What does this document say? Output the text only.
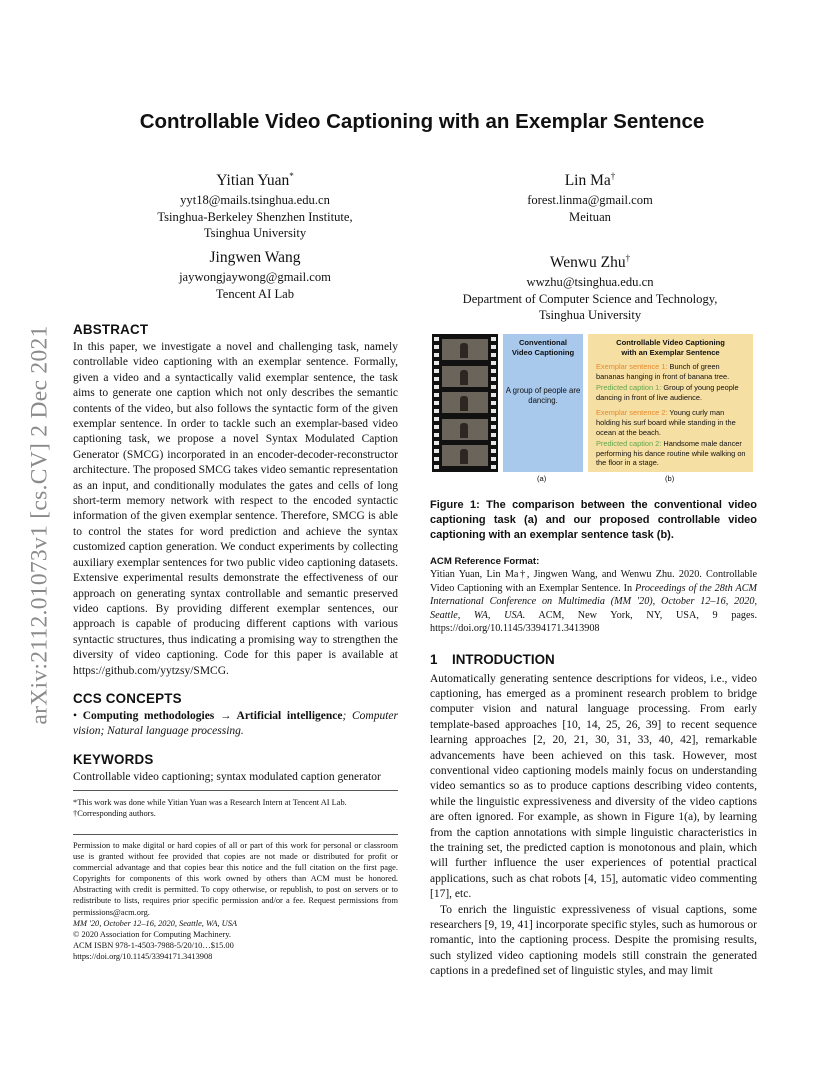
arXiv:2112.01073v1 [cs.CV] 2 Dec 2021
Controllable Video Captioning with an Exemplar Sentence
Yitian Yuan*
yyt18@mails.tsinghua.edu.cn
Tsinghua-Berkeley Shenzhen Institute,
Tsinghua University
Lin Ma†
forest.linma@gmail.com
Meituan
Jingwen Wang
jaywongjaywong@gmail.com
Tencent AI Lab
Wenwu Zhu†
wwzhu@tsinghua.edu.cn
Department of Computer Science and Technology,
Tsinghua University
ABSTRACT

In this paper, we investigate a novel and challenging task, namely controllable video captioning with an exemplar sentence. Formally, given a video and a syntactically valid exemplar sentence, the task aims to generate one caption which not only describes the semantic contents of the video, but also follows the syntactic form of the given exemplar sentence. In order to tackle such an exemplar-based video captioning task, we propose a novel Syntax Modulated Caption Generator (SMCG) incorporated in an encoder-decoder-reconstructor architecture. The proposed SMCG takes video semantic representation as an input, and conditionally modulates the gates and cells of long short-term memory network with respect to the encoded syntactic information of the given exemplar sentence. Therefore, SMCG is able to control the states for word prediction and achieve the syntax customized caption generation. We conduct experiments by collecting auxiliary exemplar sentences for two public video captioning datasets. Extensive experimental results demonstrate the effectiveness of our approach on generating syntax controllable and semantic preserved video captions. By providing different exemplar sentences, our approach is capable of producing different captions with various syntactic structures, thus indicating a promising way to strengthen the diversity of video captioning. Code for this paper is available at https://github.com/yytzsy/SMCG.

CCS CONCEPTS

• Computing methodologies → Artificial intelligence; Computer vision; Natural language processing.

KEYWORDS

Controllable video captioning; syntax modulated caption generator

*This work was done while Yitian Yuan was a Research Intern at Tencent AI Lab.
†Corresponding authors.
Permission to make digital or hard copies of all or part of this work for personal or classroom use is granted without fee provided that copies are not made or distributed for profit or commercial advantage and that copies bear this notice and the full citation on the first page. Copyrights for components of this work owned by others than ACM must be honored. Abstracting with credit is permitted. To copy otherwise, or republish, to post on servers or to redistribute to lists, requires prior specific permission and/or a fee. Request permissions from permissions@acm.org.
MM '20, October 12–16, 2020, Seattle, WA, USA
© 2020 Association for Computing Machinery.
ACM ISBN 978-1-4503-7988-5/20/10…$15.00
https://doi.org/10.1145/3394171.3413908
Conventional
Video Captioning
A group of people are dancing.
Controllable Video Captioning
with an Exemplar Sentence
Exemplar sentence 1: Bunch of green bananas hanging in front of banana tree.
Predicted caption 1: Group of young people dancing in front of live audience.
Exemplar sentence 2: Young curly man holding his surf board while standing in the ocean at the beach.
Predicted caption 2: Handsome male dancer performing his dance routine while walking on the floor in a stage.
(a)	(b)
Figure 1: The comparison between the conventional video captioning task (a) and our proposed controllable video captioning with an exemplar sentence task (b).
ACM Reference Format:
Yitian Yuan, Lin Ma†, Jingwen Wang, and Wenwu Zhu. 2020. Controllable Video Captioning with an Exemplar Sentence. In Proceedings of the 28th ACM International Conference on Multimedia (MM '20), October 12–16, 2020, Seattle, WA, USA. ACM, New York, NY, USA, 9 pages. https://doi.org/10.1145/3394171.3413908
1 INTRODUCTION

Automatically generating sentence descriptions for videos, i.e., video captioning, has emerged as a prominent research problem to bridge computer vision and natural language processing. From early template-based approaches [10, 14, 25, 26, 39] to recent sequence learning approaches [2, 20, 21, 30, 31, 33, 40, 42], remarkable advancements have been achieved on this task. However, most conventional video captioning models mainly focus on understanding video semantics so as to produce captions describing video contents, while the linguistic expressiveness and diversity of the video captions are often ignored. For example, as shown in Figure 1(a), by learning from the caption annotations with simple linguistic characteristics in the training set, the predicted caption is monotonous and plain, which will further influence the user experiences of potential practical applications, such as chat robots [4, 15], automatic video commenting [17], etc.

To enrich the linguistic expressiveness of visual captions, some researchers [9, 19, 41] incorporate specific styles, such as humorous or romantic, into the captioning process. Despite the promising results, such stylized video captioning models still constrain the generated captions in a predefined set of linguistic styles, and may limit
